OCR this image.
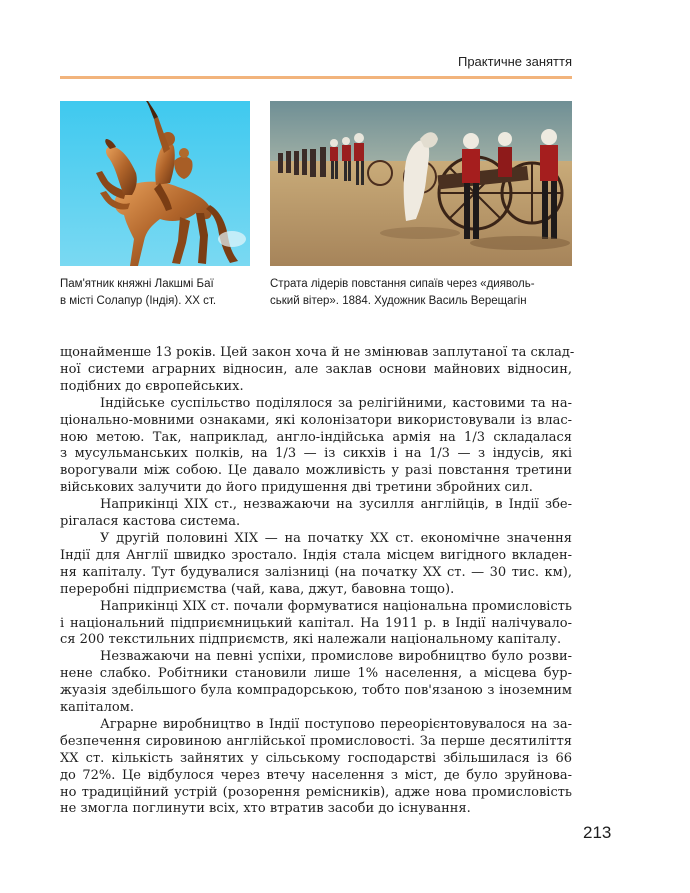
Практичне заняття
Пам'ятник княжні Лакшмі Баї
в місті Солапур (Індія). ХХ ст.
Страта лідерів повстання сипаїв через «дияволь-
ський вітер». 1884. Художник Василь Верещагін

щонайменше 13 років. Цей закон хоча й не змінював заплутаної та склад-
ної системи аграрних відносин, але заклав основи майнових відносин,
подібних до європейських.

Індійське суспільство поділялося за релігійними, кастовими та на-
ціонально-мовними ознаками, які колонізатори використовували із влас-
ною метою. Так, наприклад, англо-індійська армія на 1/3 складалася
з мусульманських полків, на 1/3 — із сикхів і на 1/3 — з індусів, які
ворогували між собою. Це давало можливість у разі повстання третини
військових залучити до його придушення дві третини збройних сил.

Наприкінці ХІХ ст., незважаючи на зусилля англійців, в Індії збе-
рігалася кастова система.

У другій половині ХІХ — на початку ХХ ст. економічне значення
Індії для Англії швидко зростало. Індія стала місцем вигідного вкладен-
ня капіталу. Тут будувалися залізниці (на початку ХХ ст. — 30 тис. км),
переробні підприємства (чай, кава, джут, бавовна тощо).

Наприкінці ХІХ ст. почали формуватися національна промисловість
і національний підприємницький капітал. На 1911 р. в Індії налічувало-
ся 200 текстильних підприємств, які належали національному капіталу.

Незважаючи на певні успіхи, промислове виробництво було розви-
нене слабко. Робітники становили лише 1% населення, а місцева бур-
жуазія здебільшого була компрадорською, тобто пов'язаною з іноземним
капіталом.

Аграрне виробництво в Індії поступово переорієнтовувалося на за-
безпечення сировиною англійської промисловості. За перше десятиліття
ХХ ст. кількість зайнятих у сільському господарстві збільшилася із 66
до 72%. Це відбулося через втечу населення з міст, де було зруйнова-
но традиційний устрій (розорення ремісників), адже нова промисловість
не змогла поглинути всіх, хто втратив засоби до існування.

213
